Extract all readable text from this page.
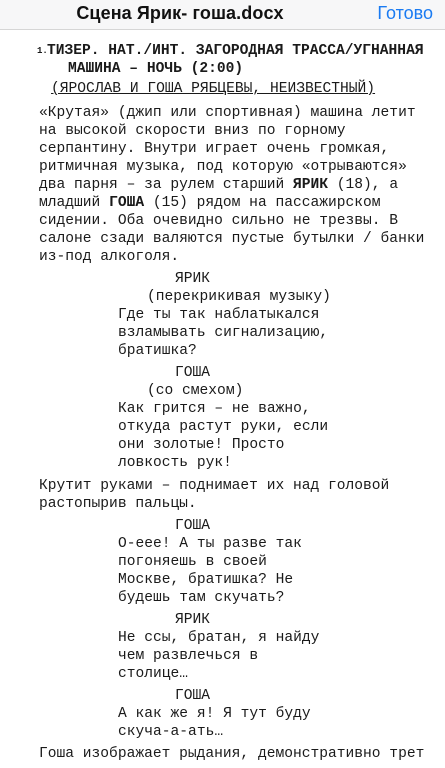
Сцена Ярик- гоша.docx	Готово
1. ТИЗЕР. НАТ./ИНТ. ЗАГОРОДНАЯ ТРАССА/УГНАННАЯ
МАШИНА – НОЧЬ (2:00)
(ЯРОСЛАВ И ГОША РЯБЦЕВЫ, НЕИЗВЕСТНЫЙ)
«Крутая» (джип или спортивная) машина летит
на высокой скорости вниз по горному
серпантину. Внутри играет очень громкая,
ритмичная музыка, под которую «отрываются»
два парня – за рулем старший ЯРИК (18), а
младший ГОША (15) рядом на пассажирском
сидении. Оба очевидно сильно не трезвы. В
салоне сзади валяются пустые бутылки / банки
из-под алкоголя.
ЯРИК
(перекрикивая музыку)
Где ты так наблатыкался
взламывать сигнализацию,
братишка?
ГОША
(со смехом)
Как грится – не важно,
откуда растут руки, если
они золотые! Просто
ловкость рук!
Крутит руками – поднимает их над головой
растопырив пальцы.
ГОША
О-еее! А ты разве так
погоняешь в своей
Москве, братишка? Не
будешь там скучать?
ЯРИК
Не ссы, братан, я найду
чем развлечься в
столице…
ГОША
А как же я! Я тут буду
скуча-а-ать…
Гоша изображает рыдания, демонстративно трет
